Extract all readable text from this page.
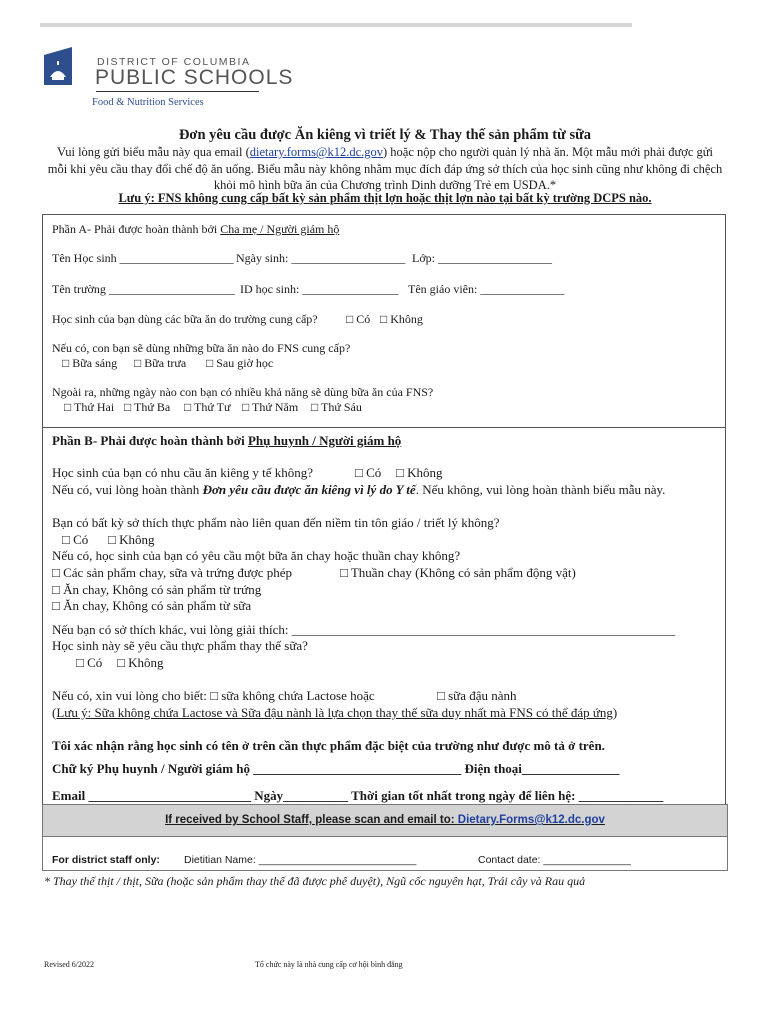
DISTRICT OF COLUMBIA
PUBLIC SCHOOLS
Food & Nutrition Services
Đơn yêu cầu được Ăn kiêng vì triết lý & Thay thế sản phẩm từ sữa
Vui lòng gửi biểu mẫu này qua email (dietary.forms@k12.dc.gov) hoặc nộp cho người quản lý nhà ăn. Một mẫu mới phải được gửi
mỗi khi yêu cầu thay đổi chế độ ăn uống. Biểu mẫu này không nhằm mục đích đáp ứng sở thích của học sinh cũng như không đi chệch
khỏi mô hình bữa ăn của Chương trình Dinh dưỡng Trẻ em USDA.*
Lưu ý: FNS không cung cấp bất kỳ sản phẩm thịt lợn hoặc thịt lợn nào tại bất kỳ trường DCPS nào.
Phần A- Phải được hoàn thành bởi Cha mẹ / Người giám hộ
Tên Học sinh ___________________ Ngày sinh: ___________________ Lớp: ___________________
Tên trường _____________________ ID học sinh: ________________ Tên giáo viên: ______________
Học sinh của bạn dùng các bữa ăn do trường cung cấp? □ Có □ Không
Nếu có, con bạn sẽ dùng những bữa ăn nào do FNS cung cấp?
□ Bữa sáng □ Bữa trưa □ Sau giờ học
Ngoài ra, những ngày nào con bạn có nhiều khả năng sẽ dùng bữa ăn của FNS?
□ Thứ Hai □ Thứ Ba □ Thứ Tư □ Thứ Năm □ Thứ Sáu
Phần B- Phải được hoàn thành bởi Phụ huynh / Người giám hộ
Học sinh của bạn có nhu cầu ăn kiêng y tế không?	□ Có □ Không
Nếu có, vui lòng hoàn thành Đơn yêu cầu được ăn kiêng vì lý do Y tế. Nếu không, vui lòng hoàn thành biểu mẫu này.
Bạn có bất kỳ sở thích thực phẩm nào liên quan đến niềm tin tôn giáo / triết lý không?
□ Có □ Không
Nếu có, học sinh của bạn có yêu cầu một bữa ăn chay hoặc thuần chay không?
□ Các sản phẩm chay, sữa và trứng được phép	□ Thuần chay (Không có sản phẩm động vật)
□ Ăn chay, Không có sản phẩm từ trứng
□ Ăn chay, Không có sản phẩm từ sữa
Nếu bạn có sở thích khác, vui lòng giải thích: ___________________________________________________________
Học sinh này sẽ yêu cầu thực phẩm thay thế sữa?
□ Có □ Không
Nếu có, xin vui lòng cho biết: □ sữa không chứa Lactose hoặc	□ sữa đậu nành
(Lưu ý: Sữa không chứa Lactose và Sữa đậu nành là lựa chọn thay thế sữa duy nhất mà FNS có thể đáp ứng)
Tôi xác nhận rằng học sinh có tên ở trên cần thực phẩm đặc biệt của trường như được mô tả ở trên.
Chữ ký Phụ huynh / Người giám hộ ________________________________ Điện thoại_______________
Email _________________________ Ngày__________ Thời gian tốt nhất trong ngày để liên hệ: _____________
If received by School Staff, please scan and email to: Dietary.Forms@k12.dc.gov
For district staff only: Dietitian Name: ___________________________	Contact date: _______________
* Thay thế thịt / thịt, Sữa (hoặc sản phẩm thay thế đã được phê duyệt), Ngũ cốc nguyên hạt, Trái cây và Rau quả
Revised 6/2022	Tổ chức này là nhà cung cấp cơ hội bình đẳng
